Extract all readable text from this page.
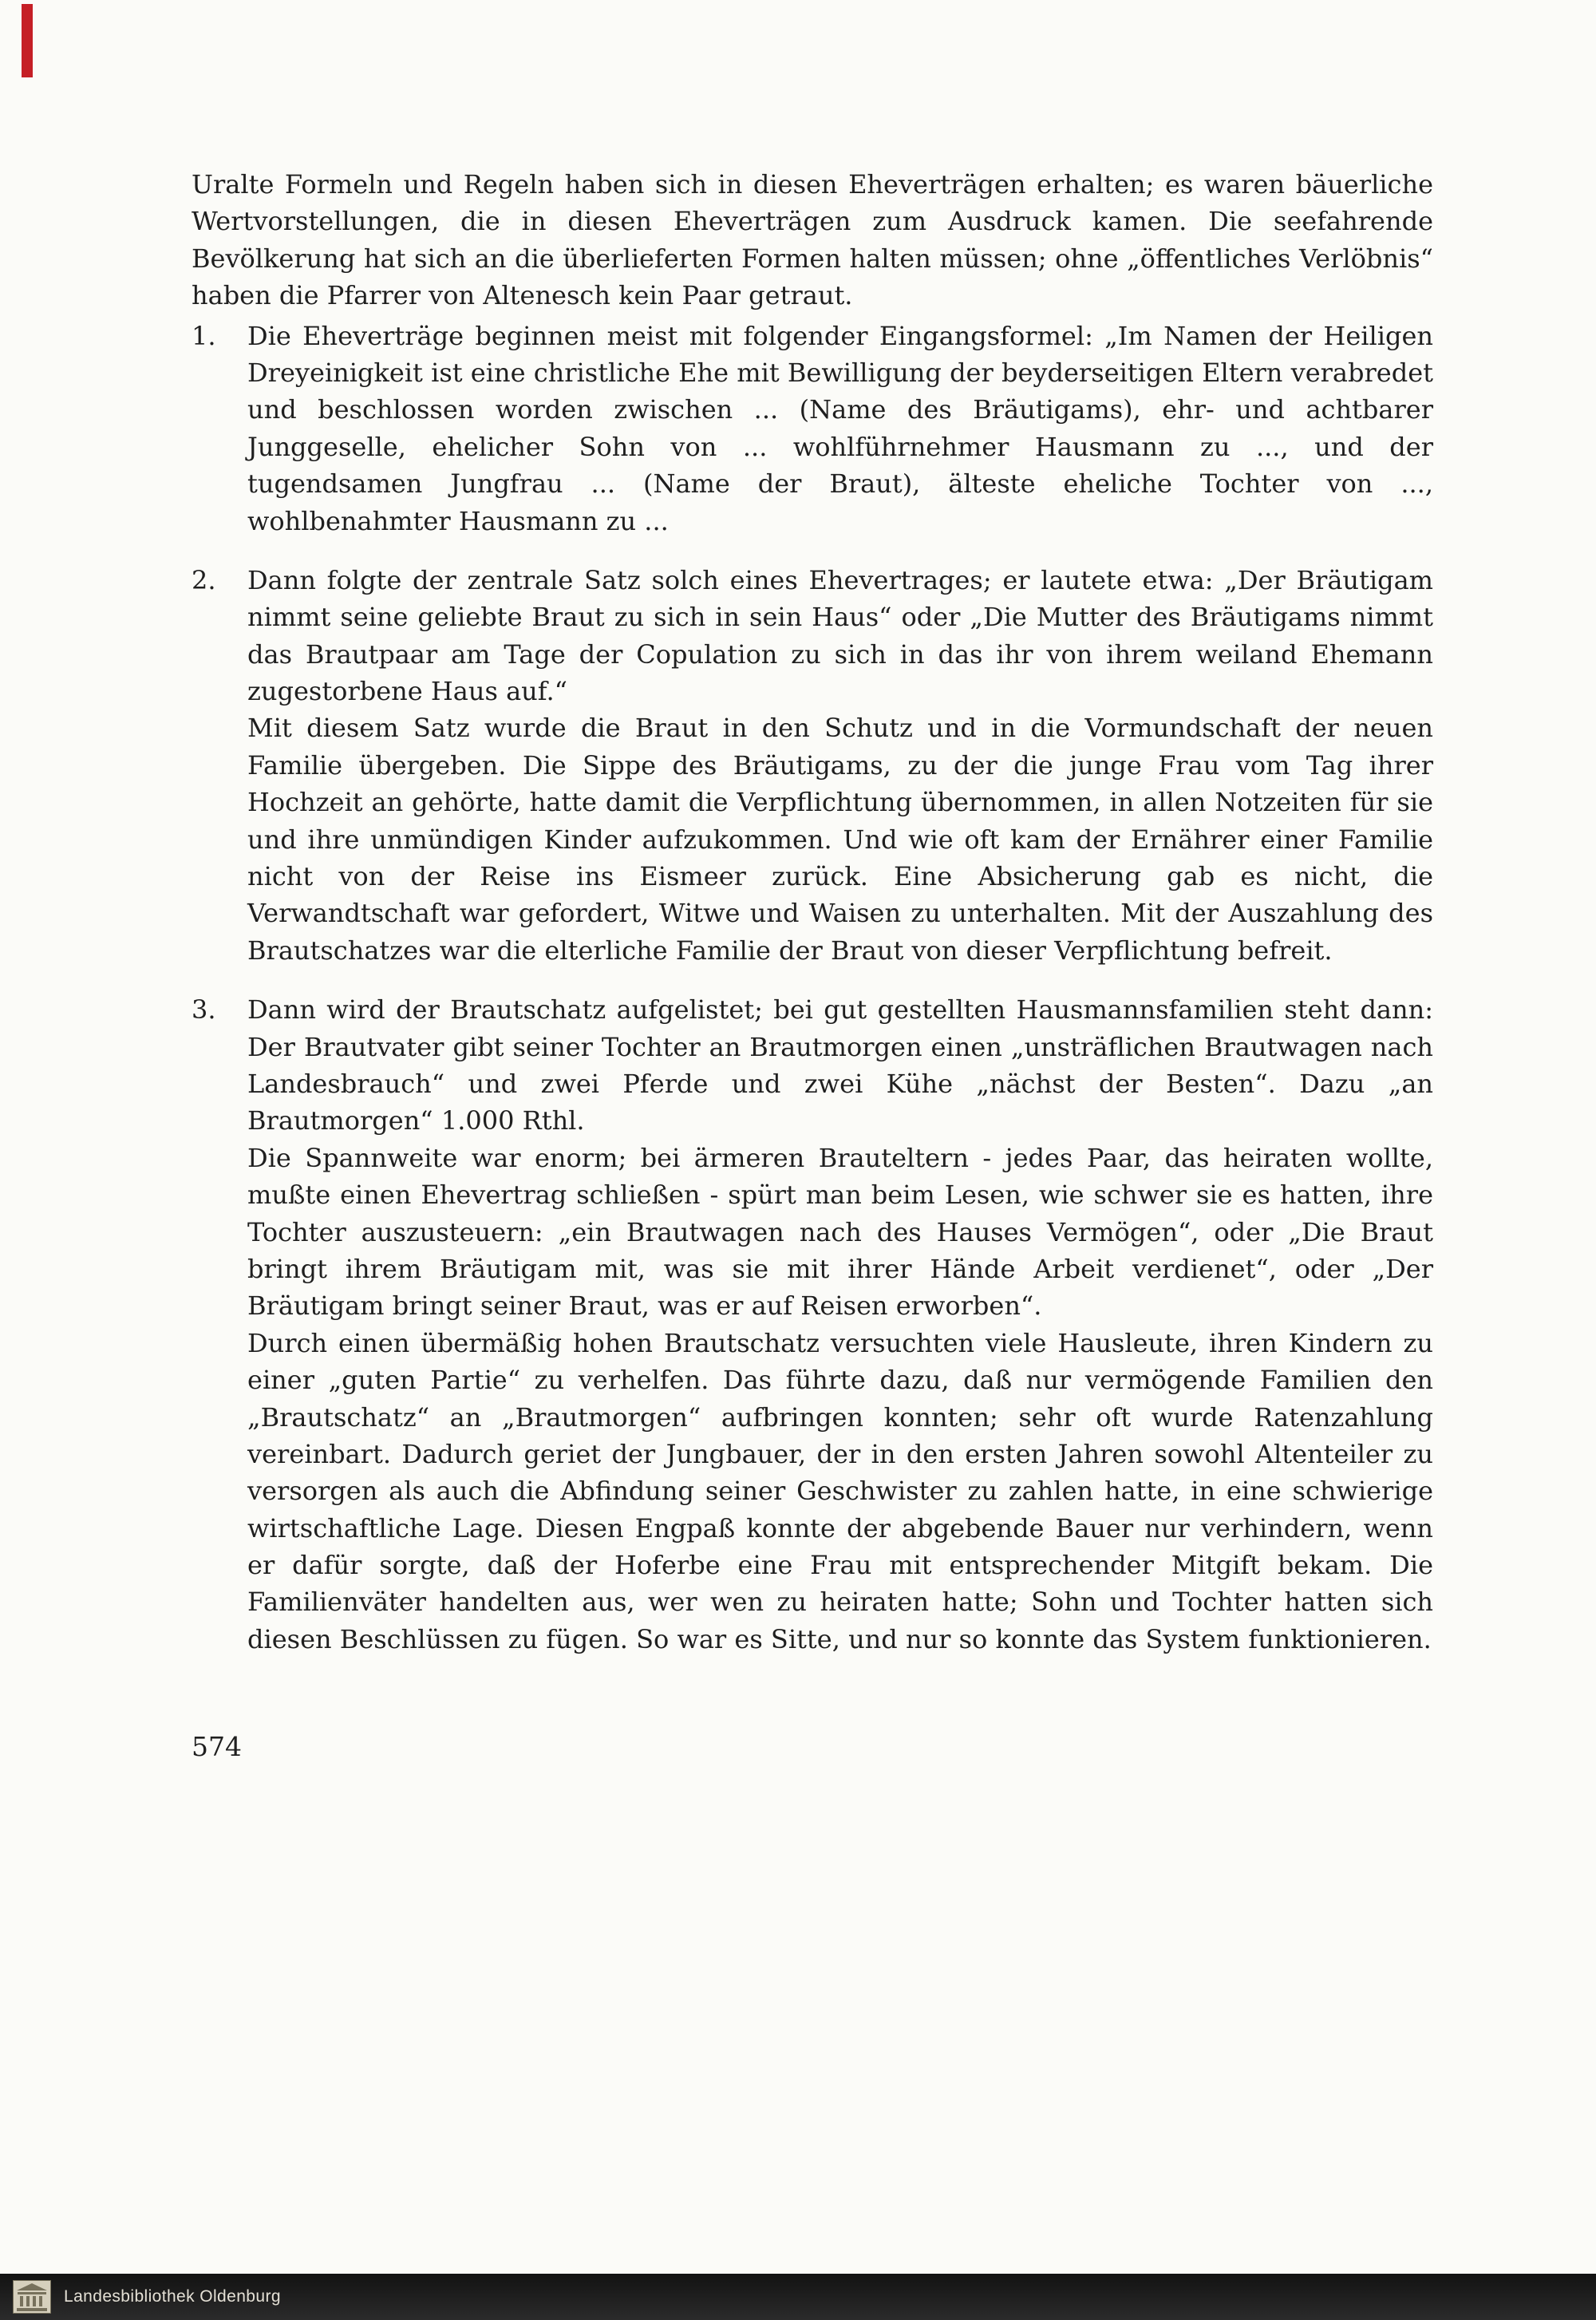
Uralte Formeln und Regeln haben sich in diesen Eheverträgen erhalten; es waren bäuerliche Wertvorstellungen, die in diesen Eheverträgen zum Ausdruck kamen. Die seefahrende Bevölkerung hat sich an die überlieferten Formen halten müssen; ohne „öffentliches Verlöbnis“ haben die Pfarrer von Altenesch kein Paar getraut.

1.	Die Eheverträge beginnen meist mit folgender Eingangsformel: „Im Namen der Heiligen Dreyeinigkeit ist eine christliche Ehe mit Bewilligung der beyderseitigen Eltern verabredet und beschlossen worden zwischen ... (Name des Bräutigams), ehr- und achtbarer Junggeselle, ehelicher Sohn von ... wohlführnehmer Hausmann zu ..., und der tugendsamen Jungfrau ... (Name der Braut), älteste eheliche Tochter von ..., wohlbenahmter Hausmann zu ...

2.	Dann folgte der zentrale Satz solch eines Ehevertrages; er lautete etwa: „Der Bräutigam nimmt seine geliebte Braut zu sich in sein Haus“ oder „Die Mutter des Bräutigams nimmt das Brautpaar am Tage der Copulation zu sich in das ihr von ihrem weiland Ehemann zugestorbene Haus auf.“

Mit diesem Satz wurde die Braut in den Schutz und in die Vormundschaft der neuen Familie übergeben. Die Sippe des Bräutigams, zu der die junge Frau vom Tag ihrer Hochzeit an gehörte, hatte damit die Verpflichtung übernommen, in allen Notzeiten für sie und ihre unmündigen Kinder aufzukommen. Und wie oft kam der Ernährer einer Familie nicht von der Reise ins Eismeer zurück. Eine Absicherung gab es nicht, die Verwandtschaft war gefordert, Witwe und Waisen zu unterhalten. Mit der Auszahlung des Brautschatzes war die elterliche Familie der Braut von dieser Verpflichtung befreit.

3.	Dann wird der Brautschatz aufgelistet; bei gut gestellten Hausmannsfamilien steht dann: Der Brautvater gibt seiner Tochter an Brautmorgen einen „unsträflichen Brautwagen nach Landesbrauch“ und zwei Pferde und zwei Kühe „nächst der Besten“. Dazu „an Brautmorgen“ 1.000 Rthl.

Die Spannweite war enorm; bei ärmeren Brauteltern - jedes Paar, das heiraten wollte, mußte einen Ehevertrag schließen - spürt man beim Lesen, wie schwer sie es hatten, ihre Tochter auszusteuern: „ein Brautwagen nach des Hauses Vermögen“, oder „Die Braut bringt ihrem Bräutigam mit, was sie mit ihrer Hände Arbeit verdienet“, oder „Der Bräutigam bringt seiner Braut, was er auf Reisen erworben“.

Durch einen übermäßig hohen Brautschatz versuchten viele Hausleute, ihren Kindern zu einer „guten Partie“ zu verhelfen. Das führte dazu, daß nur vermögende Familien den „Brautschatz“ an „Brautmorgen“ aufbringen konnten; sehr oft wurde Ratenzahlung vereinbart. Dadurch geriet der Jungbauer, der in den ersten Jahren sowohl Altenteiler zu versorgen als auch die Abfindung seiner Geschwister zu zahlen hatte, in eine schwierige wirtschaftliche Lage. Diesen Engpaß konnte der abgebende Bauer nur verhindern, wenn er dafür sorgte, daß der Hoferbe eine Frau mit entsprechender Mitgift bekam. Die Familienväter handelten aus, wer wen zu heiraten hatte; Sohn und Tochter hatten sich diesen Beschlüssen zu fügen. So war es Sitte, und nur so konnte das System funktionieren.

574
Landesbibliothek Oldenburg
